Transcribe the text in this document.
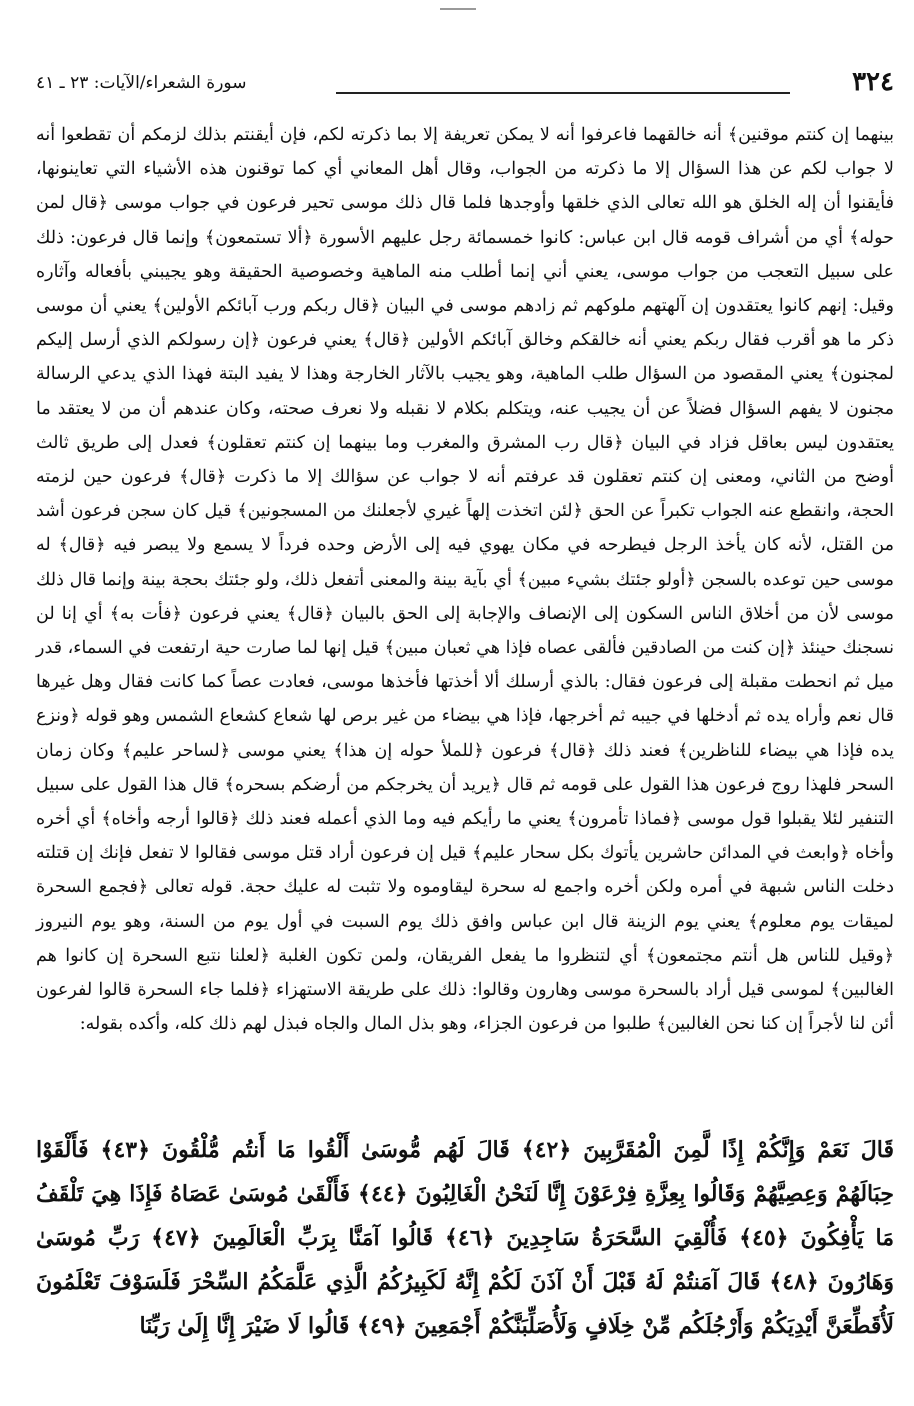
٣٢٤
سورة الشعراء/الآيات: ٢٣ ـ ٤١
بينهما إن كنتم موقنين﴾ أنه خالقهما فاعرفوا أنه لا يمكن تعريفة إلا بما ذكرته لكم، فإن أيقنتم بذلك لزمكم أن تقطعوا أنه لا جواب لكم عن هذا السؤال إلا ما ذكرته من الجواب، وقال أهل المعاني أي كما توقنون هذه الأشياء التي تعاينونها، فأيقنوا أن إله الخلق هو الله تعالى الذي خلقها وأوجدها فلما قال ذلك موسى تحير فرعون في جواب موسى ﴿قال لمن حوله﴾ أي من أشراف قومه قال ابن عباس: كانوا خمسمائة رجل عليهم الأسورة ﴿ألا تستمعون﴾ وإنما قال فرعون: ذلك على سبيل التعجب من جواب موسى، يعني أني إنما أطلب منه الماهية وخصوصية الحقيقة وهو يجيبني بأفعاله وآثاره وقيل: إنهم كانوا يعتقدون إن آلهتهم ملوكهم ثم زادهم موسى في البيان ﴿قال ربكم ورب آبائكم الأولين﴾ يعني أن موسى ذكر ما هو أقرب فقال ربكم يعني أنه خالقكم وخالق آبائكم الأولين ﴿قال﴾ يعني فرعون ﴿إن رسولكم الذي أرسل إليكم لمجنون﴾ يعني المقصود من السؤال طلب الماهية، وهو يجيب بالآثار الخارجة وهذا لا يفيد البتة فهذا الذي يدعي الرسالة مجنون لا يفهم السؤال فضلاً عن أن يجيب عنه، ويتكلم بكلام لا نقبله ولا نعرف صحته، وكان عندهم أن من لا يعتقد ما يعتقدون ليس بعاقل فزاد في البيان ﴿قال رب المشرق والمغرب وما بينهما إن كنتم تعقلون﴾ فعدل إلى طريق ثالث أوضح من الثاني، ومعنى إن كنتم تعقلون قد عرفتم أنه لا جواب عن سؤالك إلا ما ذكرت ﴿قال﴾ فرعون حين لزمته الحجة، وانقطع عنه الجواب تكبراً عن الحق ﴿لئن اتخذت إلهاً غيري لأجعلنك من المسجونين﴾ قيل كان سجن فرعون أشد من القتل، لأنه كان يأخذ الرجل فيطرحه في مكان يهوي فيه إلى الأرض وحده فرداً لا يسمع ولا يبصر فيه ﴿قال﴾ له موسى حين توعده بالسجن ﴿أولو جئتك بشيء مبين﴾ أي بآية بينة والمعنى أتفعل ذلك، ولو جئتك بحجة بينة وإنما قال ذلك موسى لأن من أخلاق الناس السكون إلى الإنصاف والإجابة إلى الحق بالبيان ﴿قال﴾ يعني فرعون ﴿فأت به﴾ أي إنا لن نسجنك حينئذ ﴿إن كنت من الصادقين فألقى عصاه فإذا هي ثعبان مبين﴾ قيل إنها لما صارت حية ارتفعت في السماء، قدر ميل ثم انحطت مقبلة إلى فرعون فقال: بالذي أرسلك ألا أخذتها فأخذها موسى، فعادت عصاً كما كانت فقال وهل غيرها قال نعم وأراه يده ثم أدخلها في جيبه ثم أخرجها، فإذا هي بيضاء من غير برص لها شعاع كشعاع الشمس وهو قوله ﴿ونزع يده فإذا هي بيضاء للناظرين﴾ فعند ذلك ﴿قال﴾ فرعون ﴿للملأ حوله إن هذا﴾ يعني موسى ﴿لساحر عليم﴾ وكان زمان السحر فلهذا روج فرعون هذا القول على قومه ثم قال ﴿يريد أن يخرجكم من أرضكم بسحره﴾ قال هذا القول على سبيل التنفير لئلا يقبلوا قول موسى ﴿فماذا تأمرون﴾ يعني ما رأيكم فيه وما الذي أعمله فعند ذلك ﴿قالوا أرجه وأخاه﴾ أي أخره وأخاه ﴿وابعث في المدائن حاشرين يأتوك بكل سحار عليم﴾ قيل إن فرعون أراد قتل موسى فقالوا لا تفعل فإنك إن قتلته دخلت الناس شبهة في أمره ولكن أخره واجمع له سحرة ليقاوموه ولا تثبت له عليك حجة. قوله تعالى ﴿فجمع السحرة لميقات يوم معلوم﴾ يعني يوم الزينة قال ابن عباس وافق ذلك يوم السبت في أول يوم من السنة، وهو يوم النيروز ﴿وقيل للناس هل أنتم مجتمعون﴾ أي لتنظروا ما يفعل الفريقان، ولمن تكون الغلبة ﴿لعلنا نتبع السحرة إن كانوا هم الغالبين﴾ لموسى قيل أراد بالسحرة موسى وهارون وقالوا: ذلك على طريقة الاستهزاء ﴿فلما جاء السحرة قالوا لفرعون أئن لنا لأجراً إن كنا نحن الغالبين﴾ طلبوا من فرعون الجزاء، وهو بذل المال والجاه فبذل لهم ذلك كله، وأكده بقوله:
قَالَ نَعَمْ وَإِنَّكُمْ إِذًا لَّمِنَ الْمُقَرَّبِينَ ﴿٤٢﴾ قَالَ لَهُم مُّوسَىٰ أَلْقُوا مَا أَنتُم مُّلْقُونَ ﴿٤٣﴾ فَأَلْقَوْا حِبَالَهُمْ وَعِصِيَّهُمْ وَقَالُوا بِعِزَّةِ فِرْعَوْنَ إِنَّا لَنَحْنُ الْغَالِبُونَ ﴿٤٤﴾ فَأَلْقَىٰ مُوسَىٰ عَصَاهُ فَإِذَا هِيَ تَلْقَفُ مَا يَأْفِكُونَ ﴿٤٥﴾ فَأُلْقِيَ السَّحَرَةُ سَاجِدِينَ ﴿٤٦﴾ قَالُوا آمَنَّا بِرَبِّ الْعَالَمِينَ ﴿٤٧﴾ رَبِّ مُوسَىٰ وَهَارُونَ ﴿٤٨﴾ قَالَ آمَنتُمْ لَهُ قَبْلَ أَنْ آذَنَ لَكُمْ إِنَّهُ لَكَبِيرُكُمُ الَّذِي عَلَّمَكُمُ السِّحْرَ فَلَسَوْفَ تَعْلَمُونَ لَأُقَطِّعَنَّ أَيْدِيَكُمْ وَأَرْجُلَكُم مِّنْ خِلَافٍ وَلَأُصَلِّبَنَّكُمْ أَجْمَعِينَ ﴿٤٩﴾ قَالُوا لَا ضَيْرَ إِنَّا إِلَىٰ رَبِّنَا
